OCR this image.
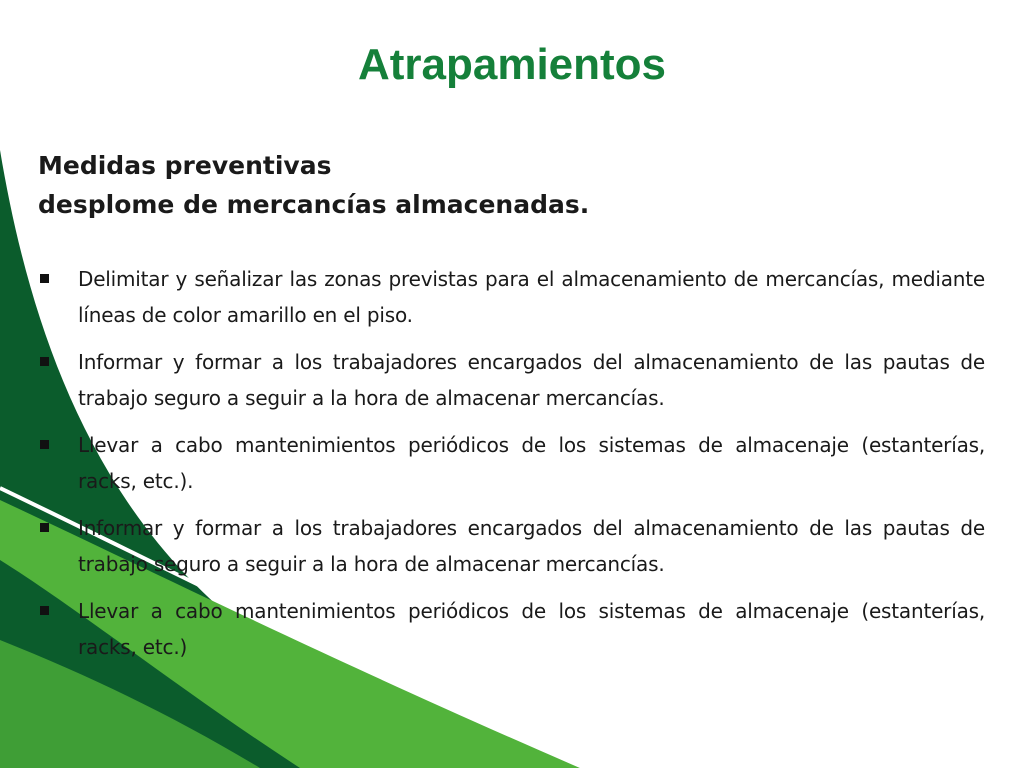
Atrapamientos
Medidas preventivas
desplome de mercancías almacenadas.
Delimitar y señalizar las zonas previstas para el almacenamiento de mercancías, mediante líneas de color amarillo en el piso.
Informar y formar a los trabajadores encargados del almacenamiento de las pautas de trabajo seguro a seguir a la hora de almacenar mercancías.
Llevar a cabo mantenimientos periódicos de los sistemas de almacenaje (estanterías, racks, etc.).
Informar y formar a los trabajadores encargados del almacenamiento de las pautas de trabajo seguro a seguir a la hora de almacenar mercancías.
Llevar a cabo mantenimientos periódicos de los sistemas de almacenaje (estanterías, racks, etc.)
